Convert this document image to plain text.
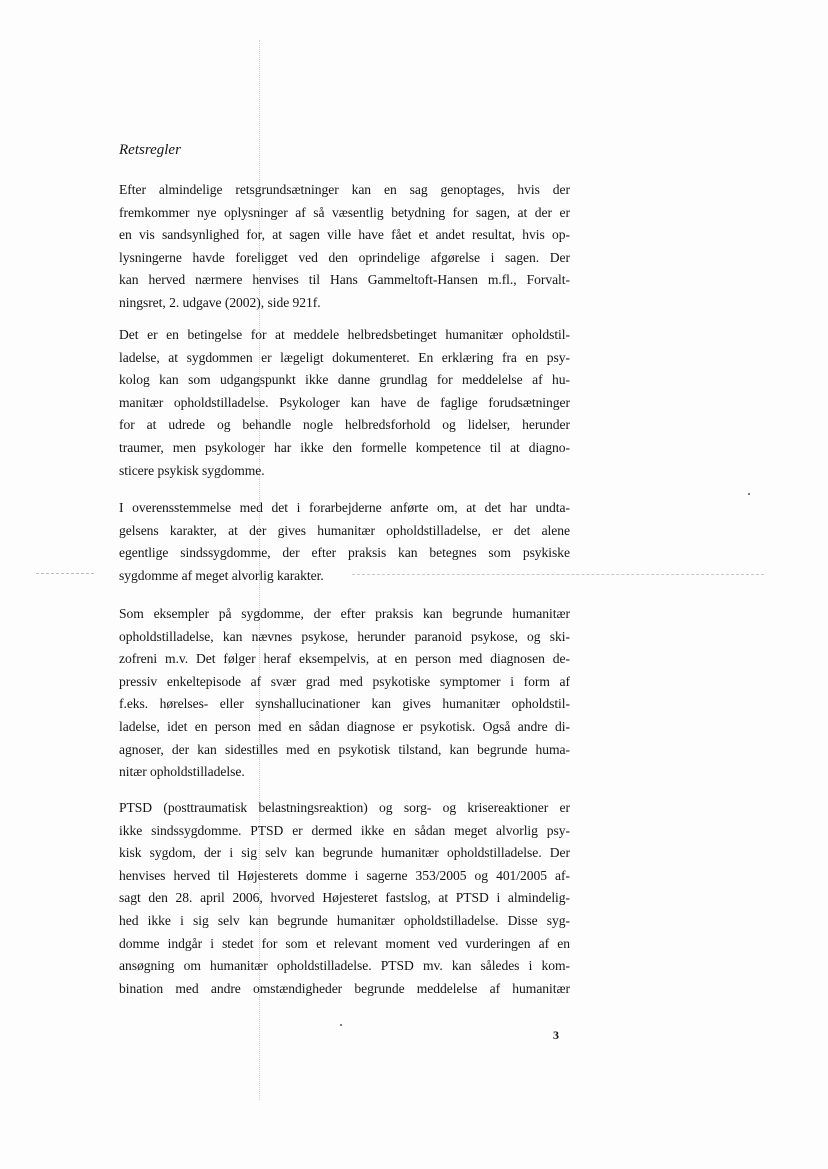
Retsregler

Efter almindelige retsgrundsætninger kan en sag genoptages, hvis der
fremkommer nye oplysninger af så væsentlig betydning for sagen, at der er
en vis sandsynlighed for, at sagen ville have fået et andet resultat, hvis op-
lysningerne havde foreligget ved den oprindelige afgørelse i sagen. Der
kan herved nærmere henvises til Hans Gammeltoft-Hansen m.fl., Forvalt-
ningsret, 2. udgave (2002), side 921f.

Det er en betingelse for at meddele helbredsbetinget humanitær opholdstil-
ladelse, at sygdommen er lægeligt dokumenteret. En erklæring fra en psy-
kolog kan som udgangspunkt ikke danne grundlag for meddelelse af hu-
manitær opholdstilladelse. Psykologer kan have de faglige forudsætninger
for at udrede og behandle nogle helbredsforhold og lidelser, herunder
traumer, men psykologer har ikke den formelle kompetence til at diagno-
sticere psykisk sygdomme.

I overensstemmelse med det i forarbejderne anførte om, at det har undta-
gelsens karakter, at der gives humanitær opholdstilladelse, er det alene
egentlige sindssygdomme, der efter praksis kan betegnes som psykiske
sygdomme af meget alvorlig karakter.

Som eksempler på sygdomme, der efter praksis kan begrunde humanitær
opholdstilladelse, kan nævnes psykose, herunder paranoid psykose, og ski-
zofreni m.v. Det følger heraf eksempelvis, at en person med diagnosen de-
pressiv enkeltepisode af svær grad med psykotiske symptomer i form af
f.eks. hørelses- eller synshallucinationer kan gives humanitær opholdstil-
ladelse, idet en person med en sådan diagnose er psykotisk. Også andre di-
agnoser, der kan sidestilles med en psykotisk tilstand, kan begrunde huma-
nitær opholdstilladelse.

PTSD (posttraumatisk belastningsreaktion) og sorg- og krisereaktioner er
ikke sindssygdomme. PTSD er dermed ikke en sådan meget alvorlig psy-
kisk sygdom, der i sig selv kan begrunde humanitær opholdstilladelse. Der
henvises herved til Højesterets domme i sagerne 353/2005 og 401/2005 af-
sagt den 28. april 2006, hvorved Højesteret fastslog, at PTSD i almindelig-
hed ikke i sig selv kan begrunde humanitær opholdstilladelse. Disse syg-
domme indgår i stedet for som et relevant moment ved vurderingen af en
ansøgning om humanitær opholdstilladelse. PTSD mv. kan således i kom-
bination med andre omstændigheder begrunde meddelelse af humanitær

3
